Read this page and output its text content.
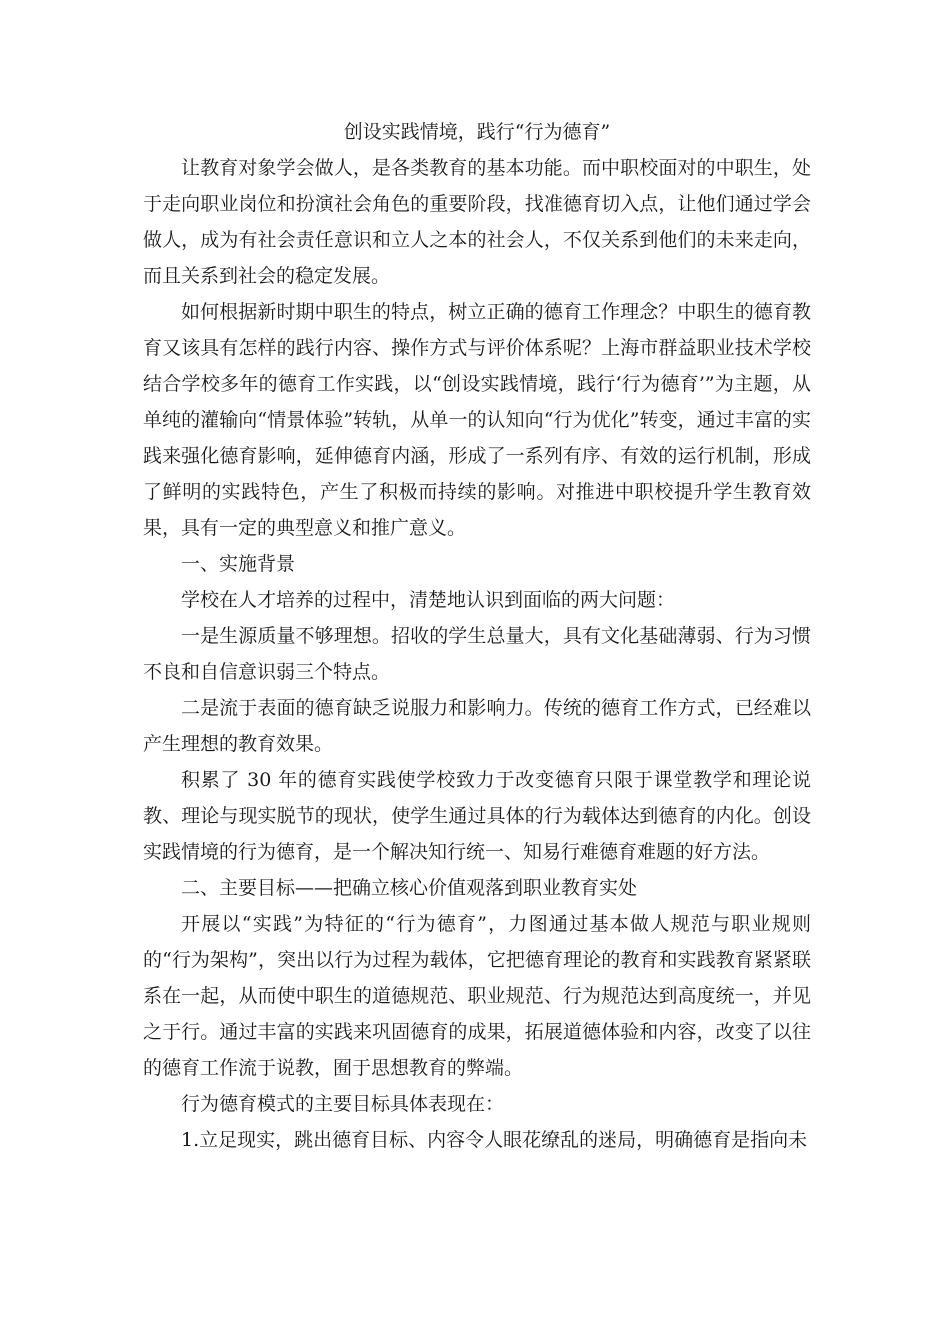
创设实践情境，践行“行为德育”

让教育对象学会做人，是各类教育的基本功能。而中职校面对的中职生，处于走向职业岗位和扮演社会角色的重要阶段，找准德育切入点，让他们通过学会做人，成为有社会责任意识和立人之本的社会人，不仅关系到他们的未来走向，而且关系到社会的稳定发展。

如何根据新时期中职生的特点，树立正确的德育工作理念？中职生的德育教育又该具有怎样的践行内容、操作方式与评价体系呢？上海市群益职业技术学校结合学校多年的德育工作实践，以“创设实践情境，践行‘行为德育’”为主题，从单纯的灌输向“情景体验”转轨，从单一的认知向“行为优化”转变，通过丰富的实践来强化德育影响，延伸德育内涵，形成了一系列有序、有效的运行机制，形成了鲜明的实践特色，产生了积极而持续的影响。对推进中职校提升学生教育效果，具有一定的典型意义和推广意义。

一、实施背景

学校在人才培养的过程中，清楚地认识到面临的两大问题：

一是生源质量不够理想。招收的学生总量大，具有文化基础薄弱、行为习惯不良和自信意识弱三个特点。

二是流于表面的德育缺乏说服力和影响力。传统的德育工作方式，已经难以产生理想的教育效果。

积累了 30 年的德育实践使学校致力于改变德育只限于课堂教学和理论说教、理论与现实脱节的现状，使学生通过具体的行为载体达到德育的内化。创设实践情境的行为德育，是一个解决知行统一、知易行难德育难题的好方法。

二、主要目标——把确立核心价值观落到职业教育实处

开展以“实践”为特征的“行为德育”，力图通过基本做人规范与职业规则的“行为架构”，突出以行为过程为载体，它把德育理论的教育和实践教育紧紧联系在一起，从而使中职生的道德规范、职业规范、行为规范达到高度统一，并见之于行。通过丰富的实践来巩固德育的成果，拓展道德体验和内容，改变了以往的德育工作流于说教，囿于思想教育的弊端。

行为德育模式的主要目标具体表现在：

1.立足现实，跳出德育目标、内容令人眼花缭乱的迷局，明确德育是指向未
